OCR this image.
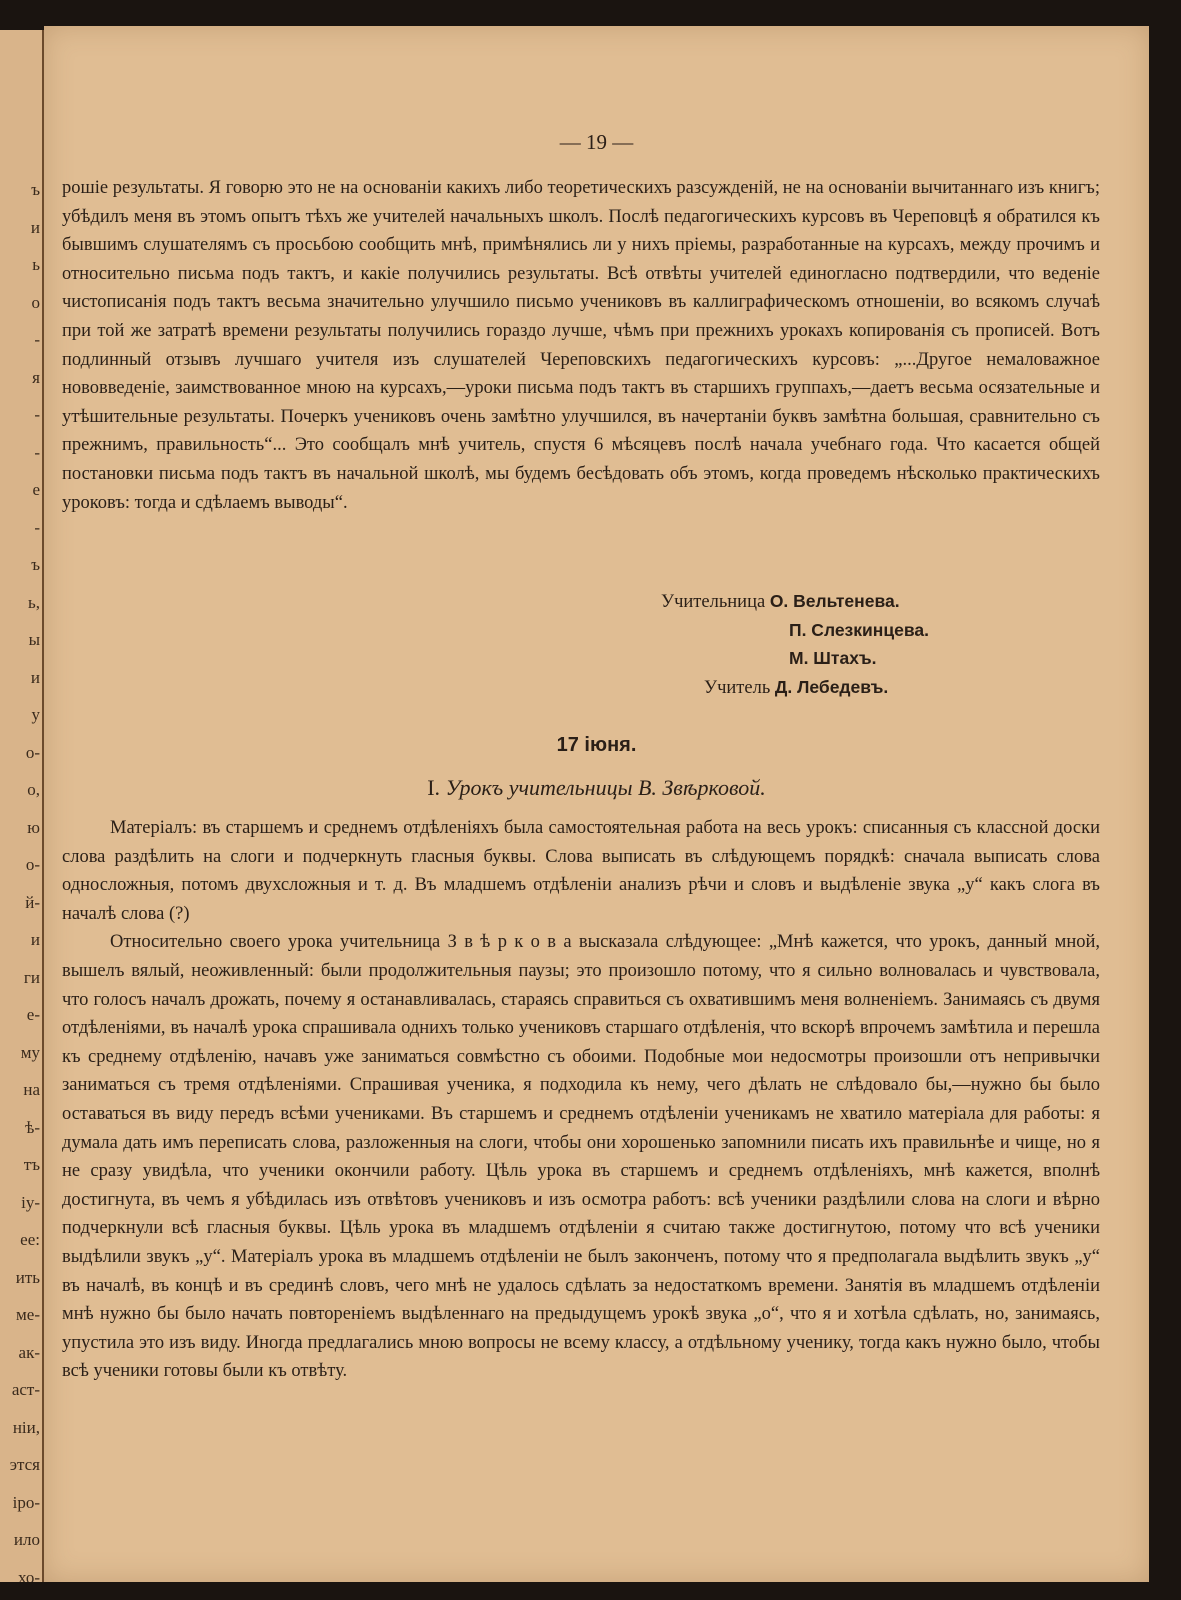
ъ
и
ь
о
-
я
-
-
е
-
ъ
ь,
ы
и
у
о-
о,
ю
о-
й-
и
ги
е-
му
на
ѣ-
тъ
іу-
ее:
ить
ме-
ак-
аст-
ніи,
этся
іро-
ило
хо-
— 19 —

рошіе результаты. Я говорю это не на основаніи какихъ либо теоретическихъ разсужденій, не на основаніи вычитаннаго изъ книгъ; убѣдилъ меня въ этомъ опытъ тѣхъ же учителей начальныхъ школъ. Послѣ педагогическихъ курсовъ въ Череповцѣ я обратился къ бывшимъ слушателямъ съ просьбою сообщить мнѣ, примѣнялись ли у нихъ пріемы, разработанные на курсахъ, между прочимъ и относительно письма подъ тактъ, и какіе получились результаты. Всѣ отвѣты учителей единогласно подтвердили, что веденіе чистописанія подъ тактъ весьма значительно улучшило письмо учениковъ въ каллиграфическомъ отношеніи, во всякомъ случаѣ при той же затратѣ времени результаты получились гораздо лучше, чѣмъ при прежнихъ урокахъ копированія съ прописей. Вотъ подлинный отзывъ лучшаго учителя изъ слушателей Череповскихъ педагогическихъ курсовъ: „...Другое немаловажное нововведеніе, заимствованное мною на курсахъ,—уроки письма подъ тактъ въ старшихъ группахъ,—даетъ весьма осязательные и утѣшительные результаты. Почеркъ учениковъ очень замѣтно улучшился, въ начертаніи буквъ замѣтна большая, сравнительно съ прежнимъ, правильность“... Это сообщалъ мнѣ учитель, спустя 6 мѣсяцевъ послѣ начала учебнаго года. Что касается общей постановки письма подъ тактъ въ начальной школѣ, мы будемъ бесѣдовать объ этомъ, когда проведемъ нѣсколько практическихъ уроковъ: тогда и сдѣлаемъ выводы“.

Учительница О. Вельтенева.
П. Слезкинцева.
М. Штахъ.
Учитель Д. Лебедевъ.
17 іюня.
I. Урокъ учительницы В. Звѣрковой.

Матеріалъ: въ старшемъ и среднемъ отдѣленіяхъ была самостоятельная работа на весь урокъ: списанныя съ классной доски слова раздѣлить на слоги и подчеркнуть гласныя буквы. Слова выписать въ слѣдующемъ порядкѣ: сначала выписать слова односложныя, потомъ двухсложныя и т. д. Въ младшемъ отдѣленіи анализъ рѣчи и словъ и выдѣленіе звука „у“ какъ слога въ началѣ слова (?)

Относительно своего урока учительница З в ѣ р к о в а высказала слѣдующее: „Мнѣ кажется, что урокъ, данный мной, вышелъ вялый, неоживленный: были продолжительныя паузы; это произошло потому, что я сильно волновалась и чувствовала, что голосъ началъ дрожать, почему я останавливалась, стараясь справиться съ охватившимъ меня волненіемъ. Занимаясь съ двумя отдѣленіями, въ началѣ урока спрашивала однихъ только учениковъ старшаго отдѣленія, что вскорѣ впрочемъ замѣтила и перешла къ среднему отдѣленію, начавъ уже заниматься совмѣстно съ обоими. Подобные мои недосмотры произошли отъ непривычки заниматься съ тремя отдѣленіями. Спрашивая ученика, я подходила къ нему, чего дѣлать не слѣдовало бы,—нужно бы было оставаться въ виду передъ всѣми учениками. Въ старшемъ и среднемъ отдѣленіи ученикамъ не хватило матеріала для работы: я думала дать имъ переписать слова, разложенныя на слоги, чтобы они хорошенько запомнили писать ихъ правильнѣе и чище, но я не сразу увидѣла, что ученики окончили работу. Цѣль урока въ старшемъ и среднемъ отдѣленіяхъ, мнѣ кажется, вполнѣ достигнута, въ чемъ я убѣдилась изъ отвѣтовъ учениковъ и изъ осмотра работъ: всѣ ученики раздѣлили слова на слоги и вѣрно подчеркнули всѣ гласныя буквы. Цѣль урока въ младшемъ отдѣленіи я считаю также достигнутою, потому что всѣ ученики выдѣлили звукъ „у“. Матеріалъ урока въ младшемъ отдѣленіи не былъ законченъ, потому что я предполагала выдѣлить звукъ „у“ въ началѣ, въ концѣ и въ срединѣ словъ, чего мнѣ не удалось сдѣлать за недостаткомъ времени. Занятія въ младшемъ отдѣленіи мнѣ нужно бы было начать повтореніемъ выдѣленнаго на предыдущемъ урокѣ звука „о“, что я и хотѣла сдѣлать, но, занимаясь, упустила это изъ виду. Иногда предлагались мною вопросы не всему классу, а отдѣльному ученику, тогда какъ нужно было, чтобы всѣ ученики готовы были къ отвѣту.
